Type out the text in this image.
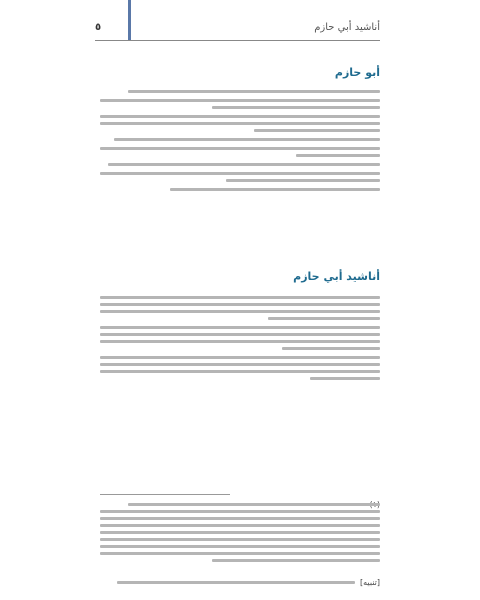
أناشيد أبي حازم
٥
أبو حازم
أناشيد أبي حازم
[تنبيه]
